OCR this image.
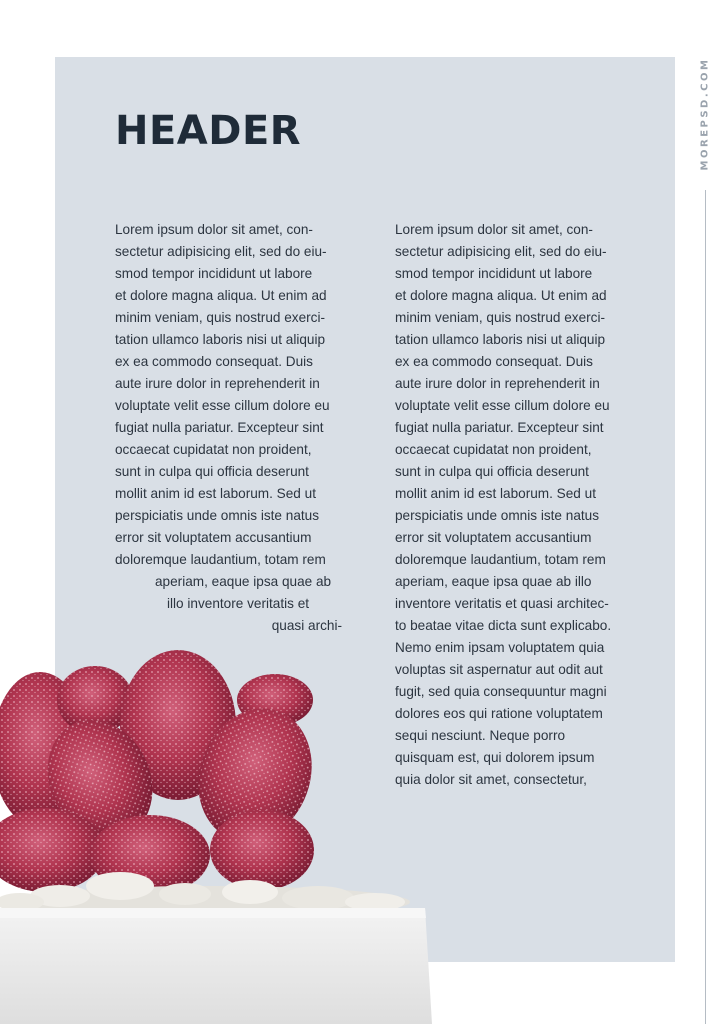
HEADER
Lorem ipsum dolor sit amet, con-
sectetur adipisicing elit, sed do eiu-
smod tempor incididunt ut labore
et dolore magna aliqua. Ut enim ad
minim veniam, quis nostrud exerci-
tation ullamco laboris nisi ut aliquip
ex ea commodo consequat. Duis
aute irure dolor in reprehenderit in
voluptate velit esse cillum dolore eu
fugiat nulla pariatur. Excepteur sint
occaecat cupidatat non proident,
sunt in culpa qui officia deserunt
mollit anim id est laborum. Sed ut
perspiciatis unde omnis iste natus
error sit voluptatem accusantium
doloremque laudantium, totam rem
aperiam, eaque ipsa quae ab
illo inventore veritatis et
quasi archi-
Lorem ipsum dolor sit amet, con-
sectetur adipisicing elit, sed do eiu-
smod tempor incididunt ut labore
et dolore magna aliqua. Ut enim ad
minim veniam, quis nostrud exerci-
tation ullamco laboris nisi ut aliquip
ex ea commodo consequat. Duis
aute irure dolor in reprehenderit in
voluptate velit esse cillum dolore eu
fugiat nulla pariatur. Excepteur sint
occaecat cupidatat non proident,
sunt in culpa qui officia deserunt
mollit anim id est laborum. Sed ut
perspiciatis unde omnis iste natus
error sit voluptatem accusantium
doloremque laudantium, totam rem
aperiam, eaque ipsa quae ab illo
inventore veritatis et quasi architec-
to beatae vitae dicta sunt explicabo.
Nemo enim ipsam voluptatem quia
voluptas sit aspernatur aut odit aut
fugit, sed quia consequuntur magni
dolores eos qui ratione voluptatem
sequi nesciunt. Neque porro
quisquam est, qui dolorem ipsum
quia dolor sit amet, consectetur,
MOREPSD.COM
